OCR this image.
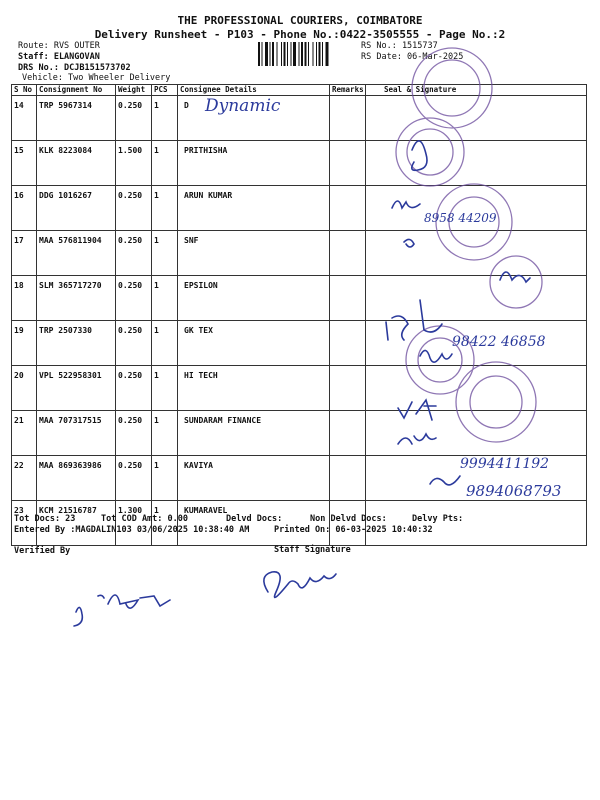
THE PROFESSIONAL COURIERS, COIMBATORE
Delivery Runsheet - P103 - Phone No.:0422-3505555 - Page No.:2
Route: RVS OUTER
Staff: ELANGOVAN
DRS No.: DCJB151573702
Vehicle: Two Wheeler Delivery
RS No.: 1515737
RS Date: 06-Mar-2025
S No	Consignment No	Weight	PCS	Consignee Details	Remarks	Seal & Signature
14	TRP 5967314	0.250	1	D		
15	KLK 8223084	1.500	1	PRITHISHA		
16	DDG 1016267	0.250	1	ARUN KUMAR		
17	MAA 576811904	0.250	1	SNF		
18	SLM 365717270	0.250	1	EPSILON		
19	TRP 2507330	0.250	1	GK TEX		
20	VPL 522958301	0.250	1	HI TECH		
21	MAA 707317515	0.250	1	SUNDARAM FINANCE		
22	MAA 869363986	0.250	1	KAVIYA		
23	KCM 21516787	1.300	1	KUMARAVEL		
Dynamic
8958 44209
98422 46858
9994411192
9894068793
Tot Docs: 23	Tot COD Amt: 0.00	Delvd Docs:	Non Delvd Docs:	Delvy Pts:
Entered By :MAGDALIN103 03/06/2025 10:38:40 AM	Printed On: 06-03-2025 10:40:32
Verified By	Staff Signature
